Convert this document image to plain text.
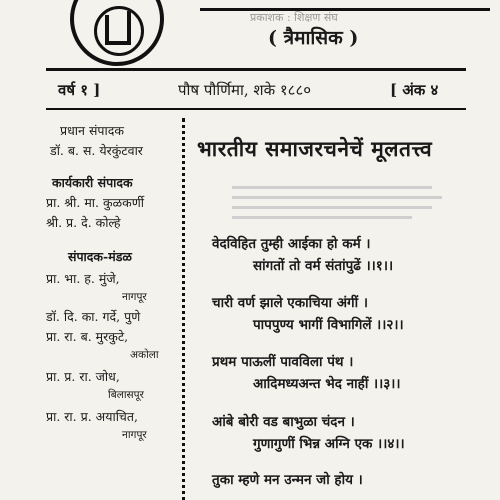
प्रकाशक : शिक्षण संघ
( त्रैमासिक )
वर्ष १ ]	पौष पौर्णिमा, शके १८८०	[ अंक ४
प्रधान संपादक
डॉ. ब. स. येरकुंटवार
कार्यकारी संपादक
प्रा. श्री. मा. कुळकर्णी
श्री. प्र. दे. कोल्हे
संपादक-मंडळ
प्रा. भा. ह. मुंजे,
नागपूर
डॉ. दि. का. गर्दे, पुणे
प्रा. रा. ब. मुरकुटे,
अकोला
प्रा. प्र. रा. जोध,
बिलासपूर
प्रा. रा. प्र. अयाचित,
नागपूर
भारतीय समाजरचनेचें मूलतत्त्व
वेदविहित तुम्ही आईका हो कर्म ।
सांगतों तो वर्म संतांपुढें ।।१।।
चारी वर्ण झाले एकाचिया अंगीं ।
पापपुण्य भागीं विभागिलें ।।२।।
प्रथम पाऊलीं पावविला पंथ ।
आदिमध्यअन्त भेद नाहीं ।।३।।
आंबे बोरी वड बाभुळा चंदन ।
गुणागुणीं भिन्न अग्नि एक ।।४।।
तुका म्हणे मन उन्मन जो होय ।
